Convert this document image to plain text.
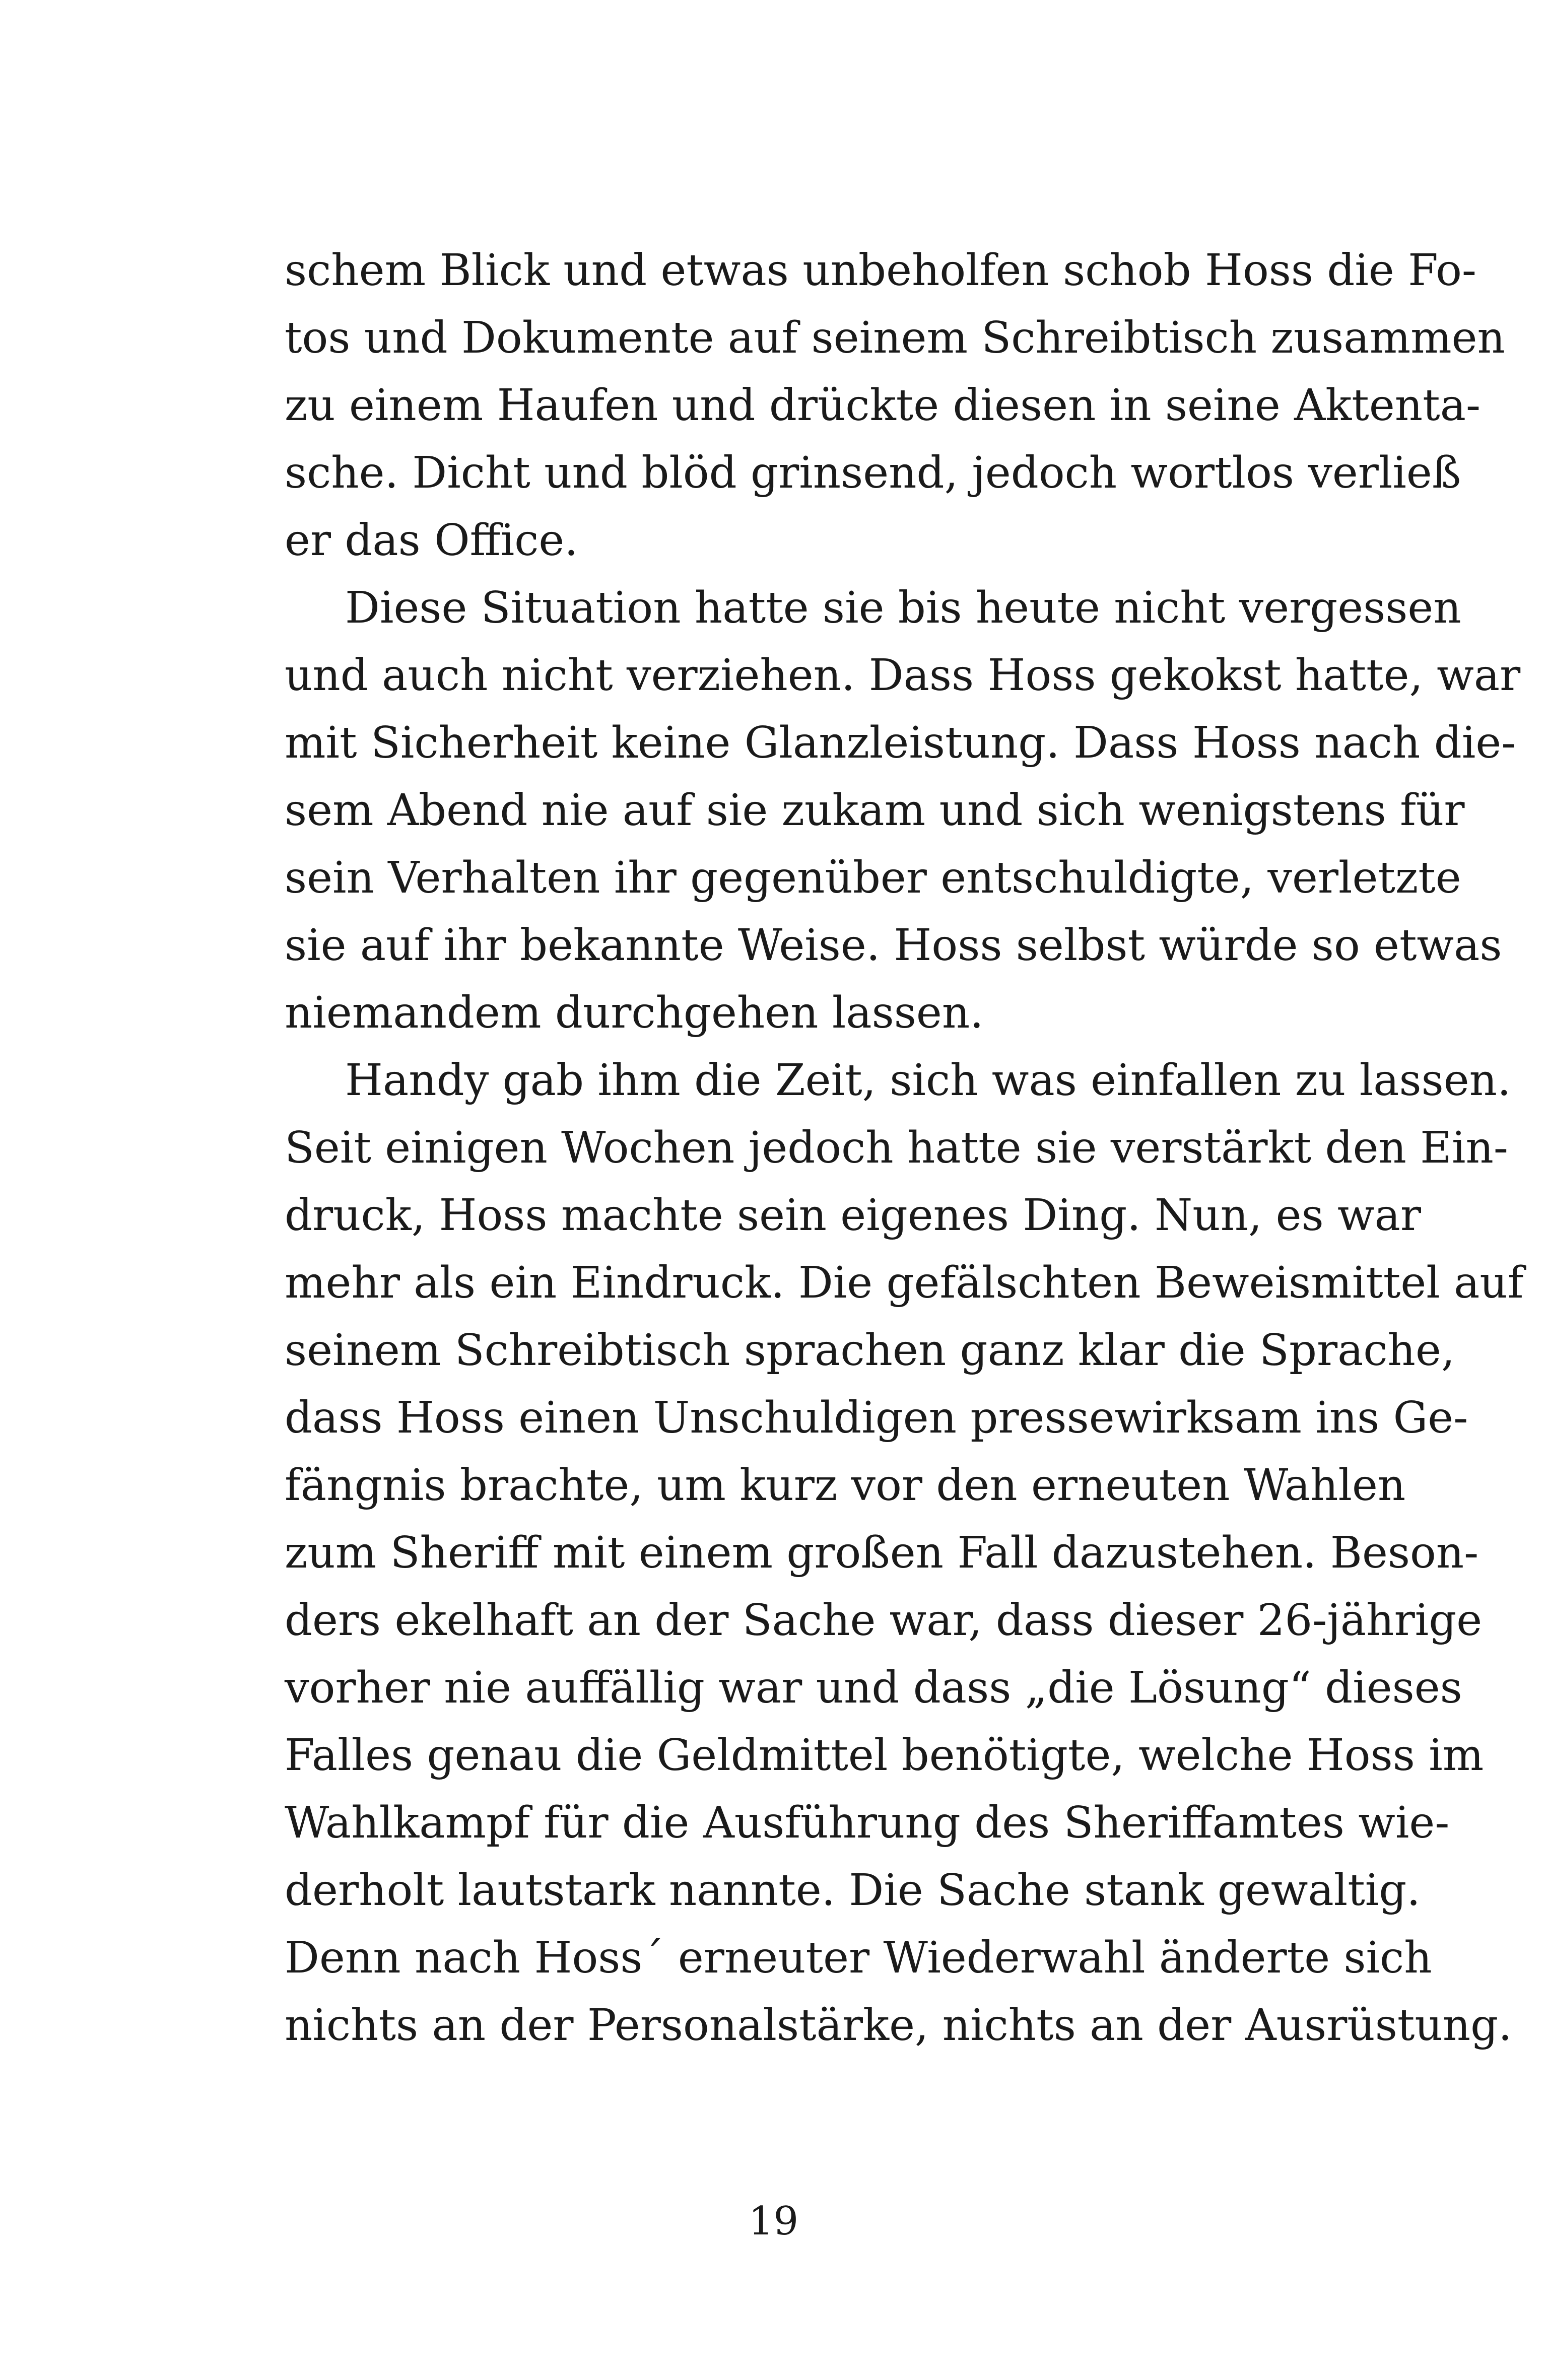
schem Blick und etwas unbeholfen schob Hoss die Fo-
tos und Dokumente auf seinem Schreibtisch zusammen
zu einem Haufen und drückte diesen in seine Aktenta-
sche. Dicht und blöd grinsend, jedoch wortlos verließ
er das Office.
Diese Situation hatte sie bis heute nicht vergessen
und auch nicht verziehen. Dass Hoss gekokst hatte, war
mit Sicherheit keine Glanzleistung. Dass Hoss nach die-
sem Abend nie auf sie zukam und sich wenigstens für
sein Verhalten ihr gegenüber entschuldigte, verletzte
sie auf ihr bekannte Weise. Hoss selbst würde so etwas
niemandem durchgehen lassen.
Handy gab ihm die Zeit, sich was einfallen zu lassen.
Seit einigen Wochen jedoch hatte sie verstärkt den Ein-
druck, Hoss machte sein eigenes Ding. Nun, es war
mehr als ein Eindruck. Die gefälschten Beweismittel auf
seinem Schreibtisch sprachen ganz klar die Sprache,
dass Hoss einen Unschuldigen pressewirksam ins Ge-
fängnis brachte, um kurz vor den erneuten Wahlen
zum Sheriff mit einem großen Fall dazustehen. Beson-
ders ekelhaft an der Sache war, dass dieser 26-jährige
vorher nie auffällig war und dass „die Lösung“ dieses
Falles genau die Geldmittel benötigte, welche Hoss im
Wahlkampf für die Ausführung des Sheriffamtes wie-
derholt lautstark nannte. Die Sache stank gewaltig.
Denn nach Hoss´ erneuter Wiederwahl änderte sich
nichts an der Personalstärke, nichts an der Ausrüstung.
19
